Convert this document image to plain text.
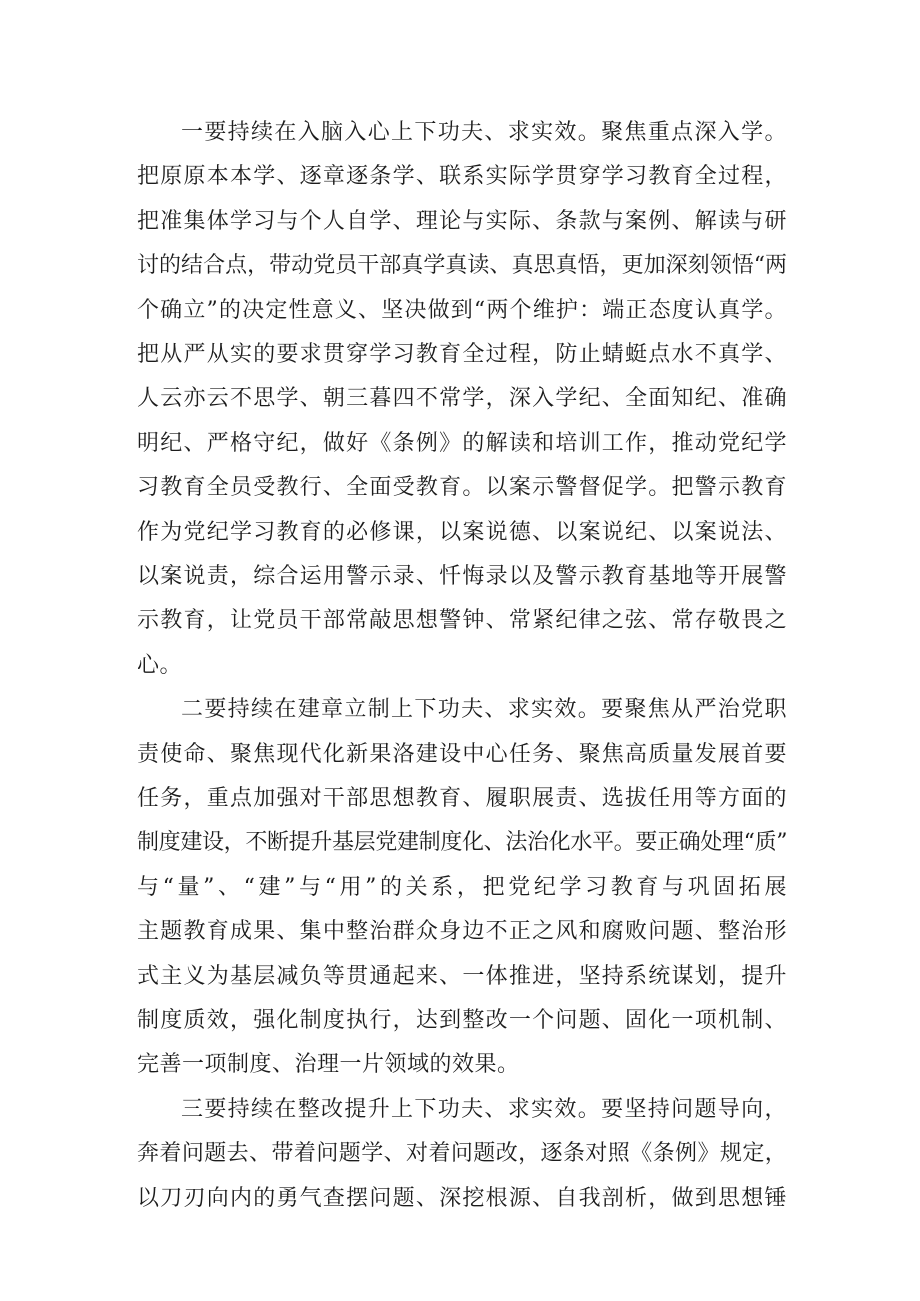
一要持续在入脑入心上下功夫、求实效。聚焦重点深入学。
把原原本本学、逐章逐条学、联系实际学贯穿学习教育全过程，
把准集体学习与个人自学、理论与实际、条款与案例、解读与研
讨的结合点，带动党员干部真学真读、真思真悟，更加深刻领悟“两
个确立”的决定性意义、坚决做到“两个维护：端正态度认真学。
把从严从实的要求贯穿学习教育全过程，防止蜻蜓点水不真学、
人云亦云不思学、朝三暮四不常学，深入学纪、全面知纪、准确
明纪、严格守纪，做好《条例》的解读和培训工作，推动党纪学
习教育全员受教行、全面受教育。以案示警督促学。把警示教育
作为党纪学习教育的必修课，以案说德、以案说纪、以案说法、
以案说责，综合运用警示录、忏悔录以及警示教育基地等开展警
示教育，让党员干部常敲思想警钟、常紧纪律之弦、常存敬畏之
心。
二要持续在建章立制上下功夫、求实效。要聚焦从严治党职
责使命、聚焦现代化新果洛建设中心任务、聚焦高质量发展首要
任务，重点加强对干部思想教育、履职展责、选拔任用等方面的
制度建设，不断提升基层党建制度化、法治化水平。要正确处理“质”
与“量”、“建”与“用”的关系，把党纪学习教育与巩固拓展
主题教育成果、集中整治群众身边不正之风和腐败问题、整治形
式主义为基层减负等贯通起来、一体推进，坚持系统谋划，提升
制度质效，强化制度执行，达到整改一个问题、固化一项机制、
完善一项制度、治理一片领域的效果。
三要持续在整改提升上下功夫、求实效。要坚持问题导向，
奔着问题去、带着问题学、对着问题改，逐条对照《条例》规定，
以刀刃向内的勇气查摆问题、深挖根源、自我剖析，做到思想锤
